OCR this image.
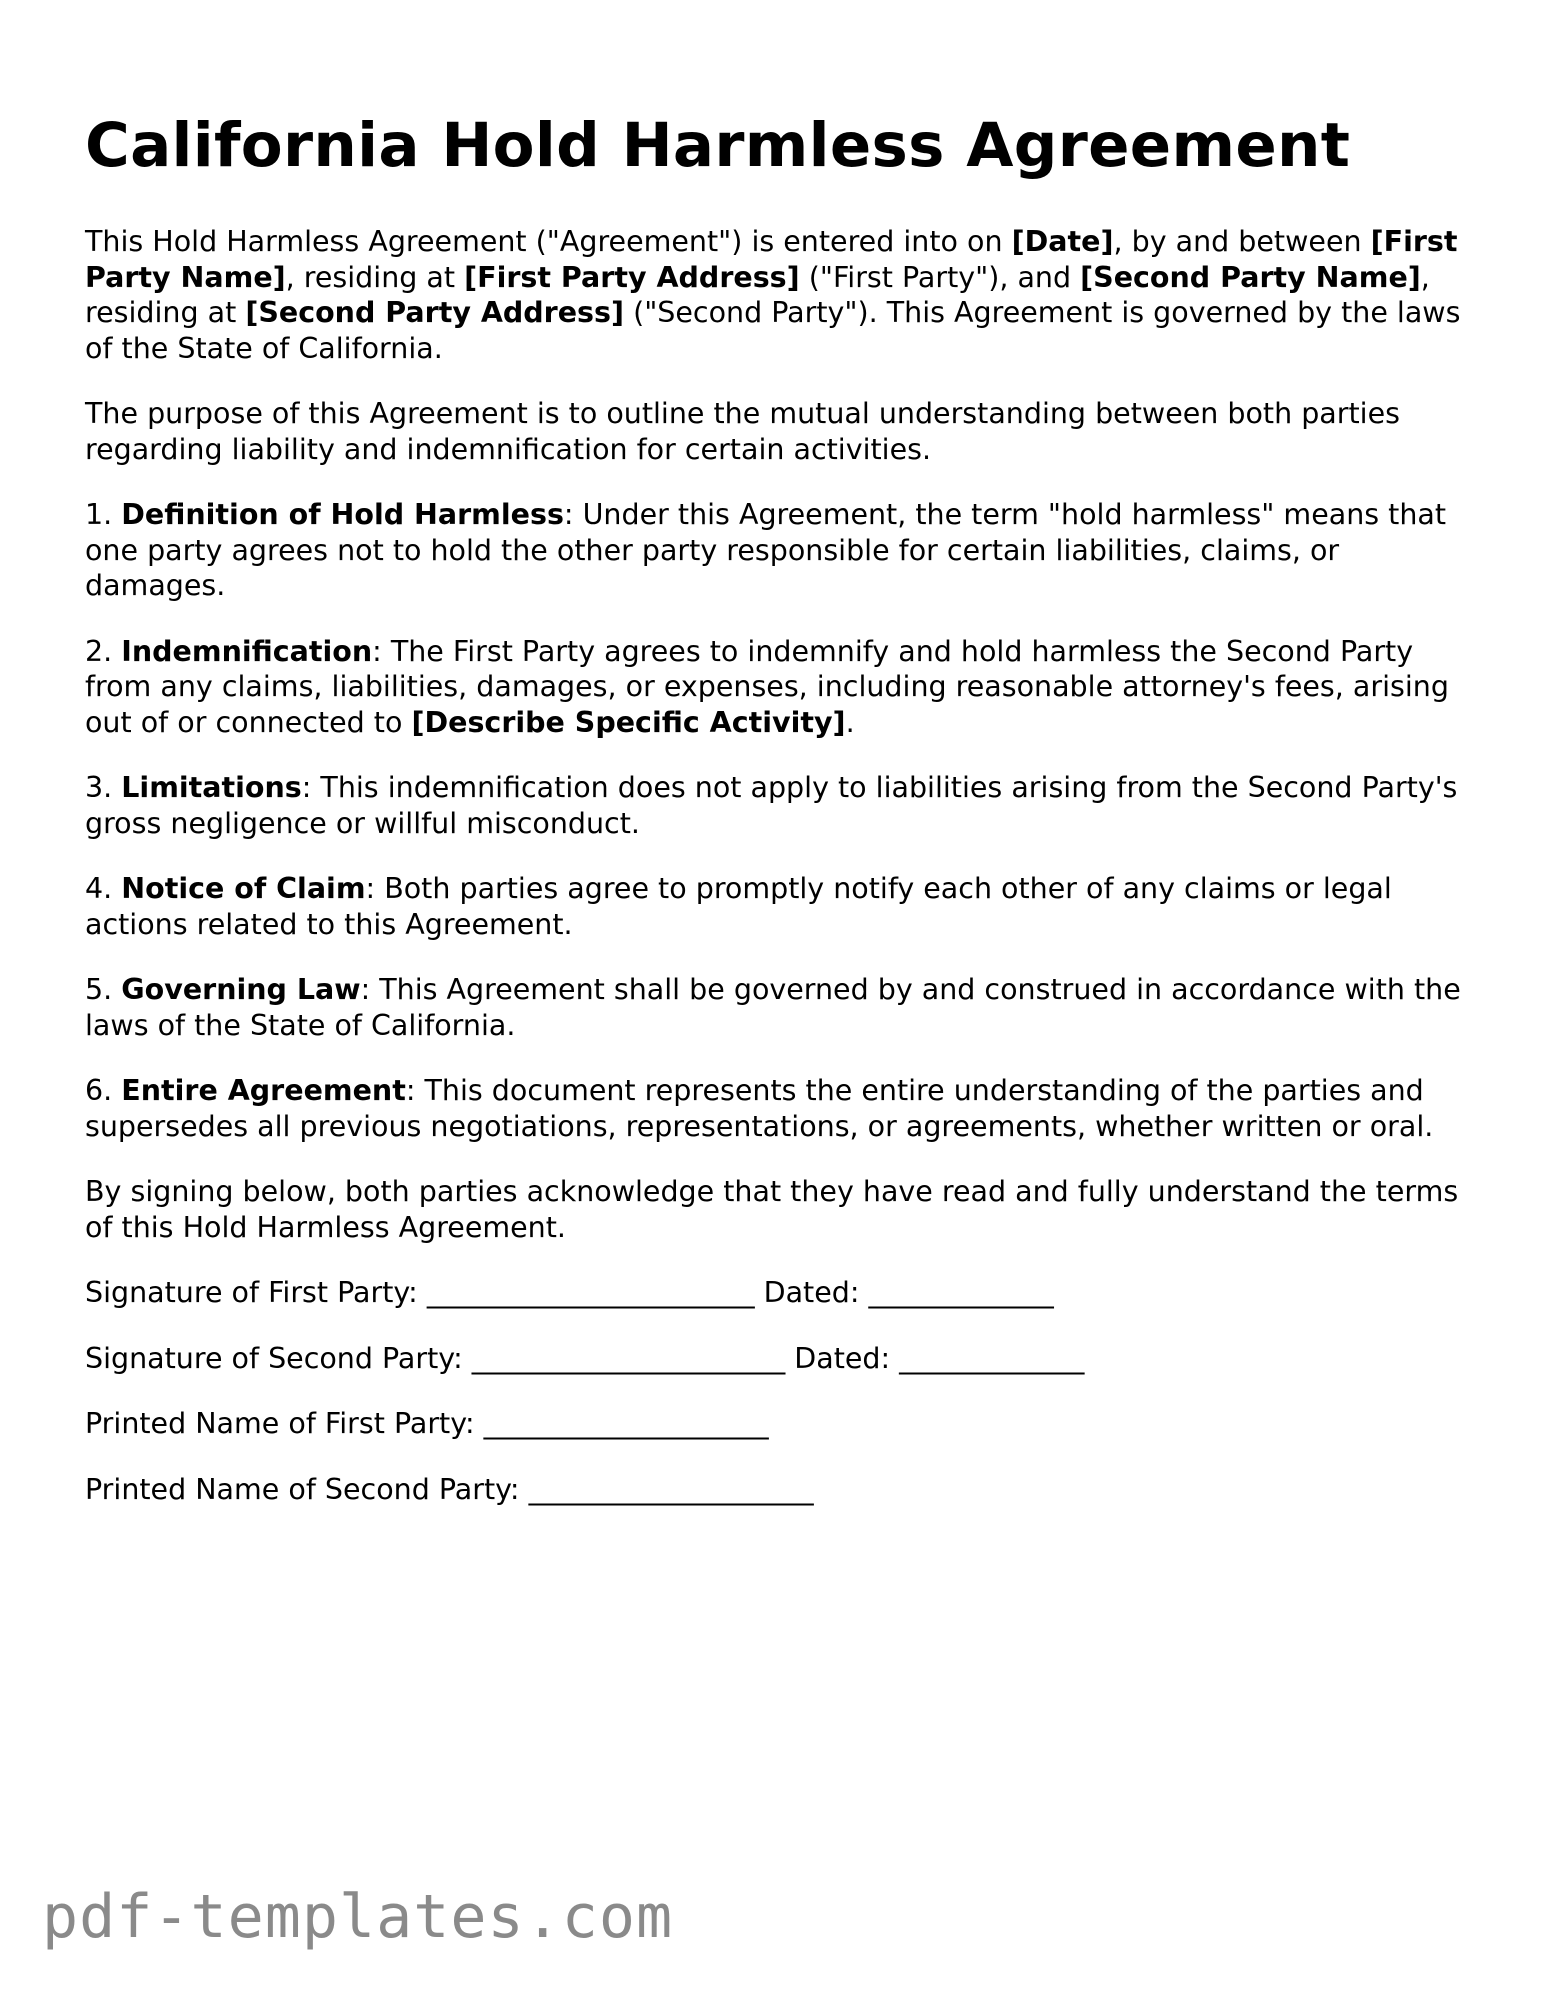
California Hold Harmless Agreement

This Hold Harmless Agreement ("Agreement") is entered into on [Date], by and between [First Party Name], residing at [First Party Address] ("First Party"), and [Second Party Name], residing at [Second Party Address] ("Second Party"). This Agreement is governed by the laws of the State of California.

The purpose of this Agreement is to outline the mutual understanding between both parties regarding liability and indemnification for certain activities.

1. Definition of Hold Harmless: Under this Agreement, the term "hold harmless" means that one party agrees not to hold the other party responsible for certain liabilities, claims, or damages.

2. Indemnification: The First Party agrees to indemnify and hold harmless the Second Party from any claims, liabilities, damages, or expenses, including reasonable attorney's fees, arising out of or connected to [Describe Specific Activity].

3. Limitations: This indemnification does not apply to liabilities arising from the Second Party's gross negligence or willful misconduct.

4. Notice of Claim: Both parties agree to promptly notify each other of any claims or legal actions related to this Agreement.

5. Governing Law: This Agreement shall be governed by and construed in accordance with the laws of the State of California.

6. Entire Agreement: This document represents the entire understanding of the parties and supersedes all previous negotiations, representations, or agreements, whether written or oral.

By signing below, both parties acknowledge that they have read and fully understand the terms of this Hold Harmless Agreement.

Signature of First Party: _______________________ Dated: _____________
Signature of Second Party: ______________________ Dated: _____________
Printed Name of First Party: ____________________
Printed Name of Second Party: ____________________
pdf-templates.com
